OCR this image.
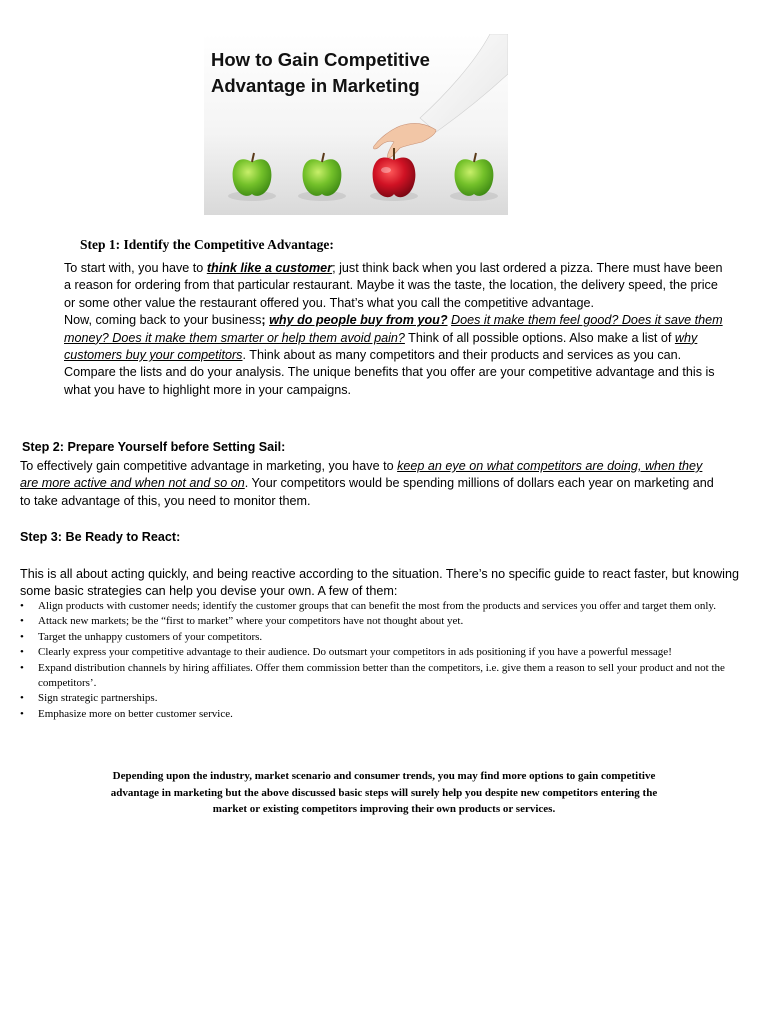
How to Gain Competitive
Advantage in Marketing
Step 1: Identify the Competitive Advantage:
To start with, you have to think like a customer; just think back when you last ordered a pizza. There must have been a reason for ordering from that particular restaurant. Maybe it was the taste, the location, the delivery speed, the price or some other value the restaurant offered you. That’s what you call the competitive advantage.
Now, coming back to your business; why do people buy from you? Does it make them feel good? Does it save them money? Does it make them smarter or help them avoid pain? Think of all possible options. Also make a list of why customers buy your competitors. Think about as many competitors and their products and services as you can. Compare the lists and do your analysis. The unique benefits that you offer are your competitive advantage and this is what you have to highlight more in your campaigns.
Step 2: Prepare Yourself before Setting Sail:
To effectively gain competitive advantage in marketing, you have to keep an eye on what competitors are doing, when they are more active and when not and so on. Your competitors would be spending millions of dollars each year on marketing and to take advantage of this, you need to monitor them.
Step 3: Be Ready to React:
This is all about acting quickly, and being reactive according to the situation. There’s no specific guide to react faster, but knowing some basic strategies can help you devise your own. A few of them:
• Align products with customer needs; identify the customer groups that can benefit the most from the products and services you offer and target them only.
• Attack new markets; be the “first to market” where your competitors have not thought about yet.
• Target the unhappy customers of your competitors.
• Clearly express your competitive advantage to their audience. Do outsmart your competitors in ads positioning if you have a powerful message!
• Expand distribution channels by hiring affiliates. Offer them commission better than the competitors, i.e. give them a reason to sell your product and not the competitors’.
• Sign strategic partnerships.
• Emphasize more on better customer service.
Depending upon the industry, market scenario and consumer trends, you may find more options to gain competitive advantage in marketing but the above discussed basic steps will surely help you despite new competitors entering the market or existing competitors improving their own products or services.
